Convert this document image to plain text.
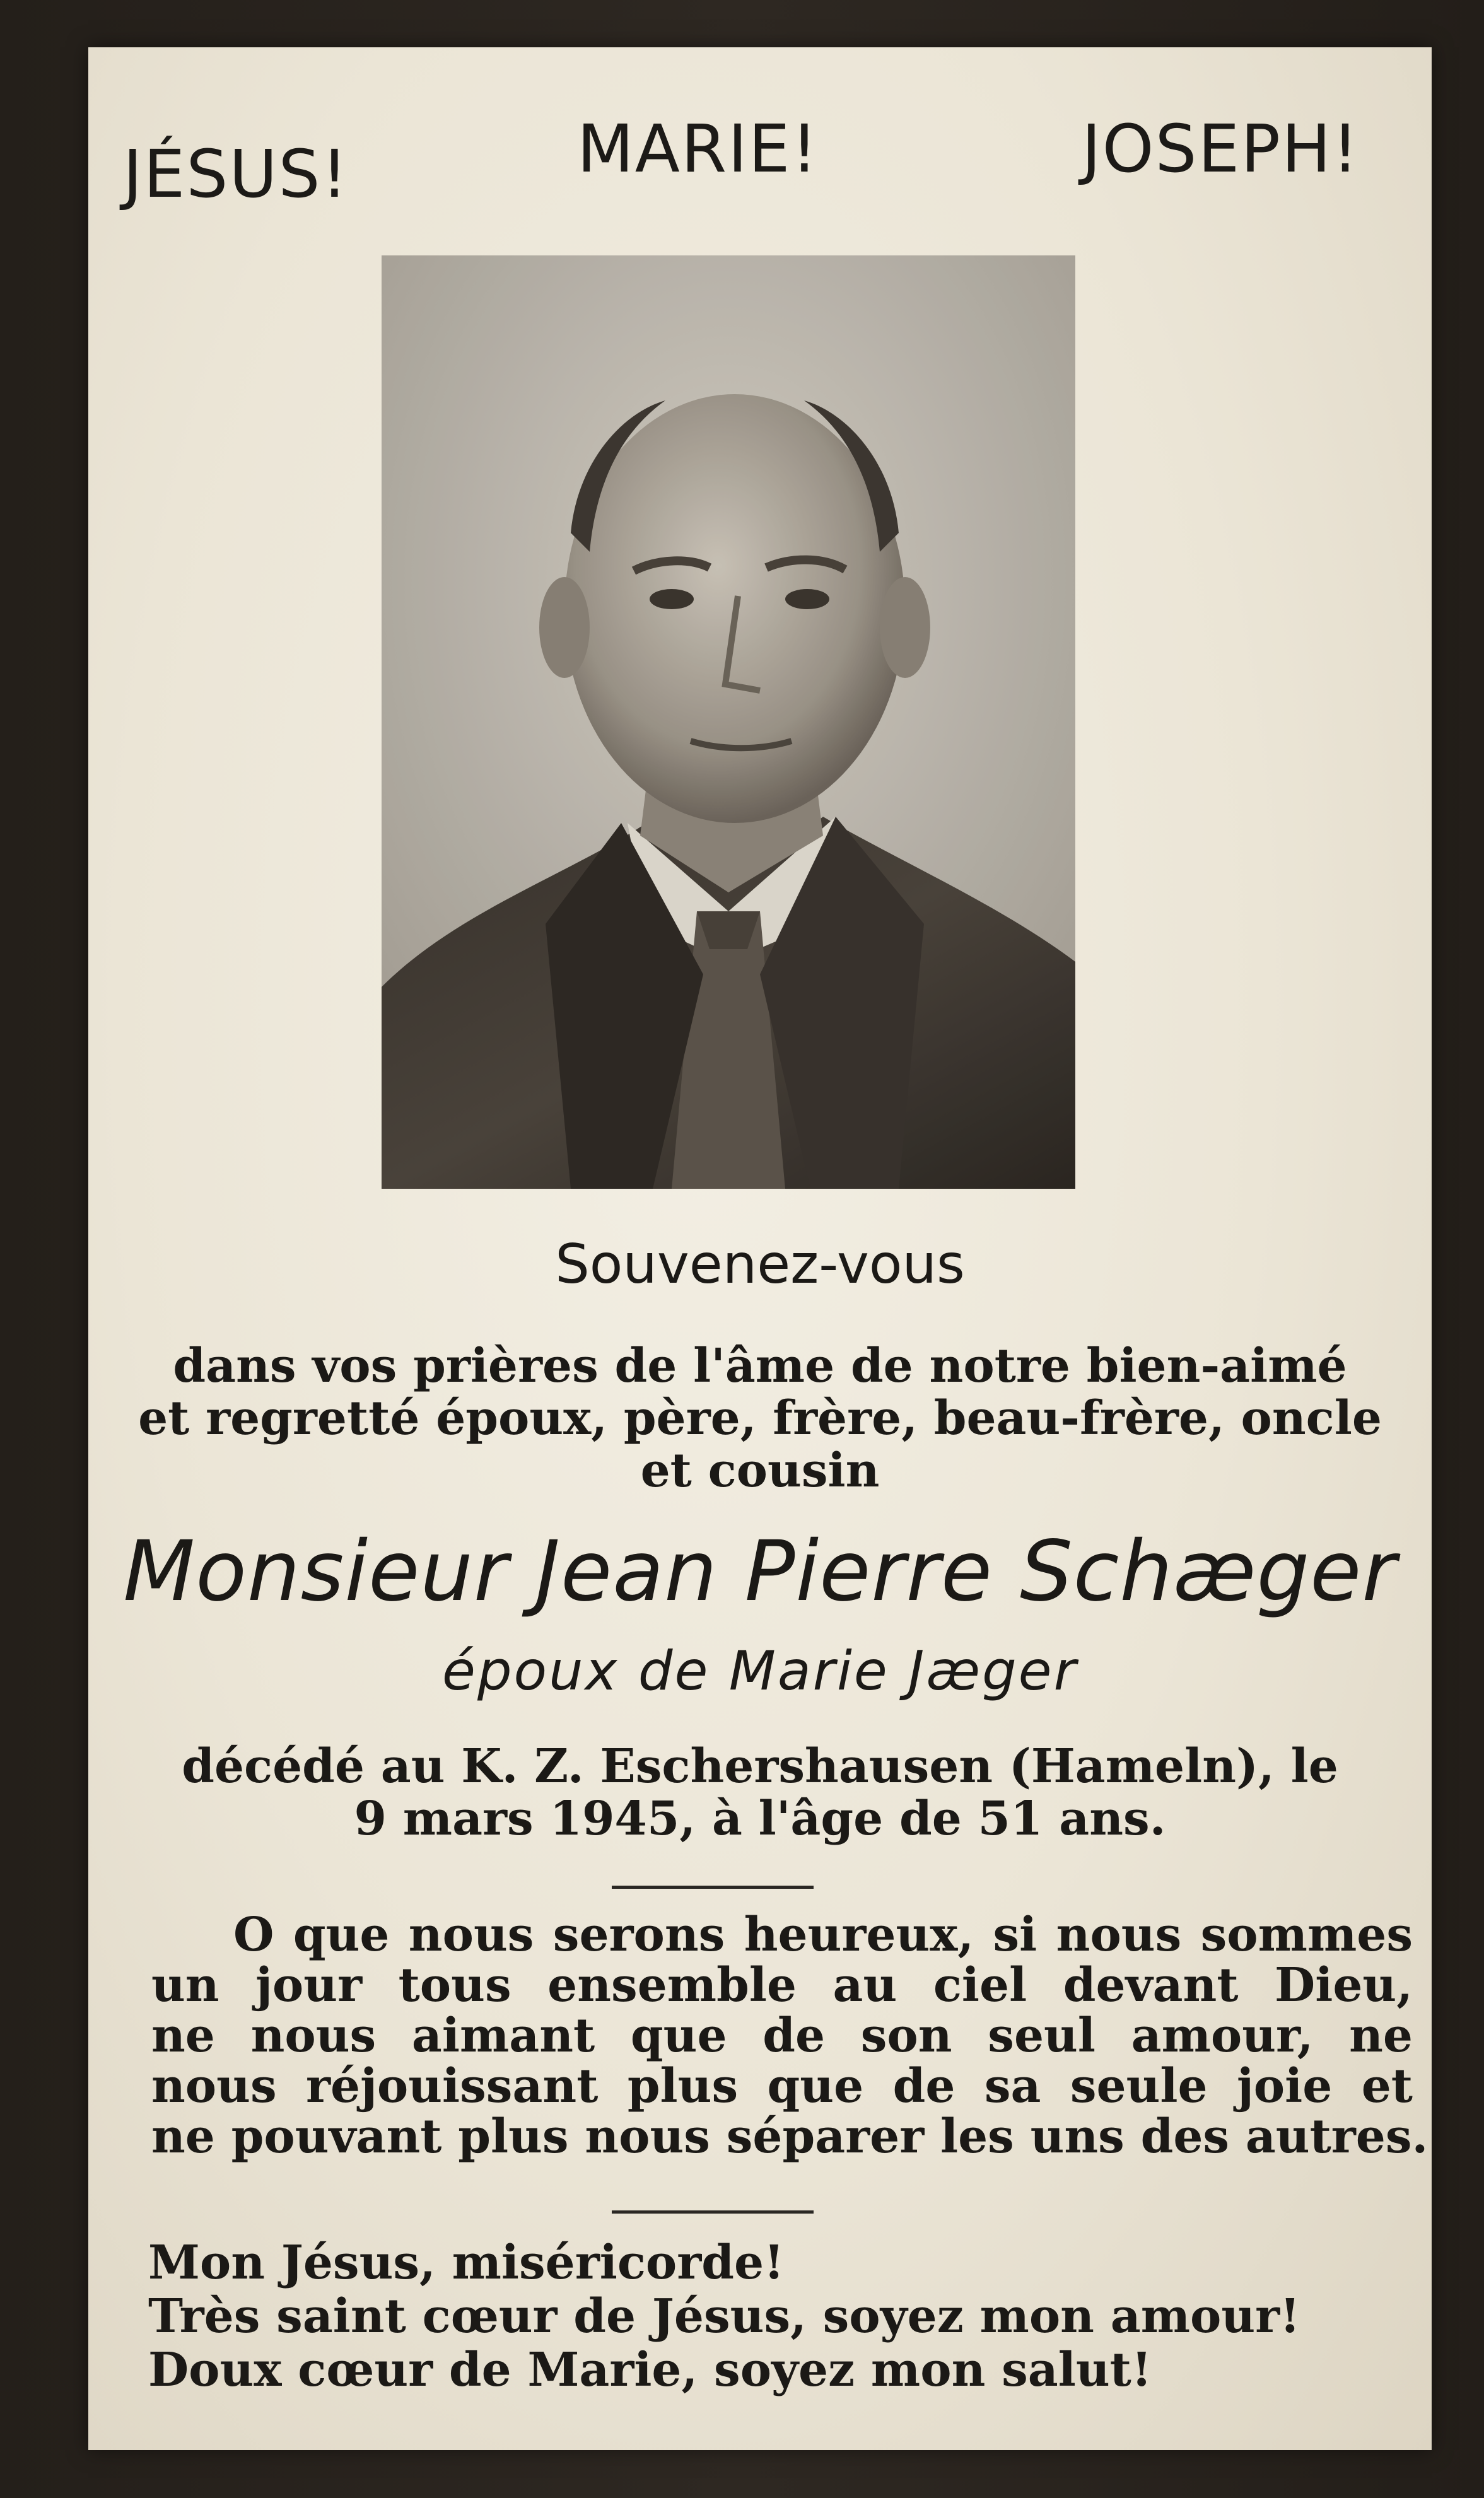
JÉSUS!	MARIE!	JOSEPH!
Souvenez-vous
dans vos prières de l'âme de notre bien-aimé
et regretté époux, père, frère, beau-frère, oncle
et cousin
Monsieur Jean Pierre Schæger
époux de Marie Jæger
décédé au K. Z. Eschershausen (Hameln), le
9 mars 1945, à l'âge de 51 ans.
O que nous serons heureux, si nous sommes
un jour tous ensemble au ciel devant Dieu,
ne nous aimant que de son seul amour, ne
nous réjouissant plus que de sa seule joie et
ne pouvant plus nous séparer les uns des autres.
Mon Jésus, miséricorde!
Très saint cœur de Jésus, soyez mon amour!
Doux cœur de Marie, soyez mon salut!
